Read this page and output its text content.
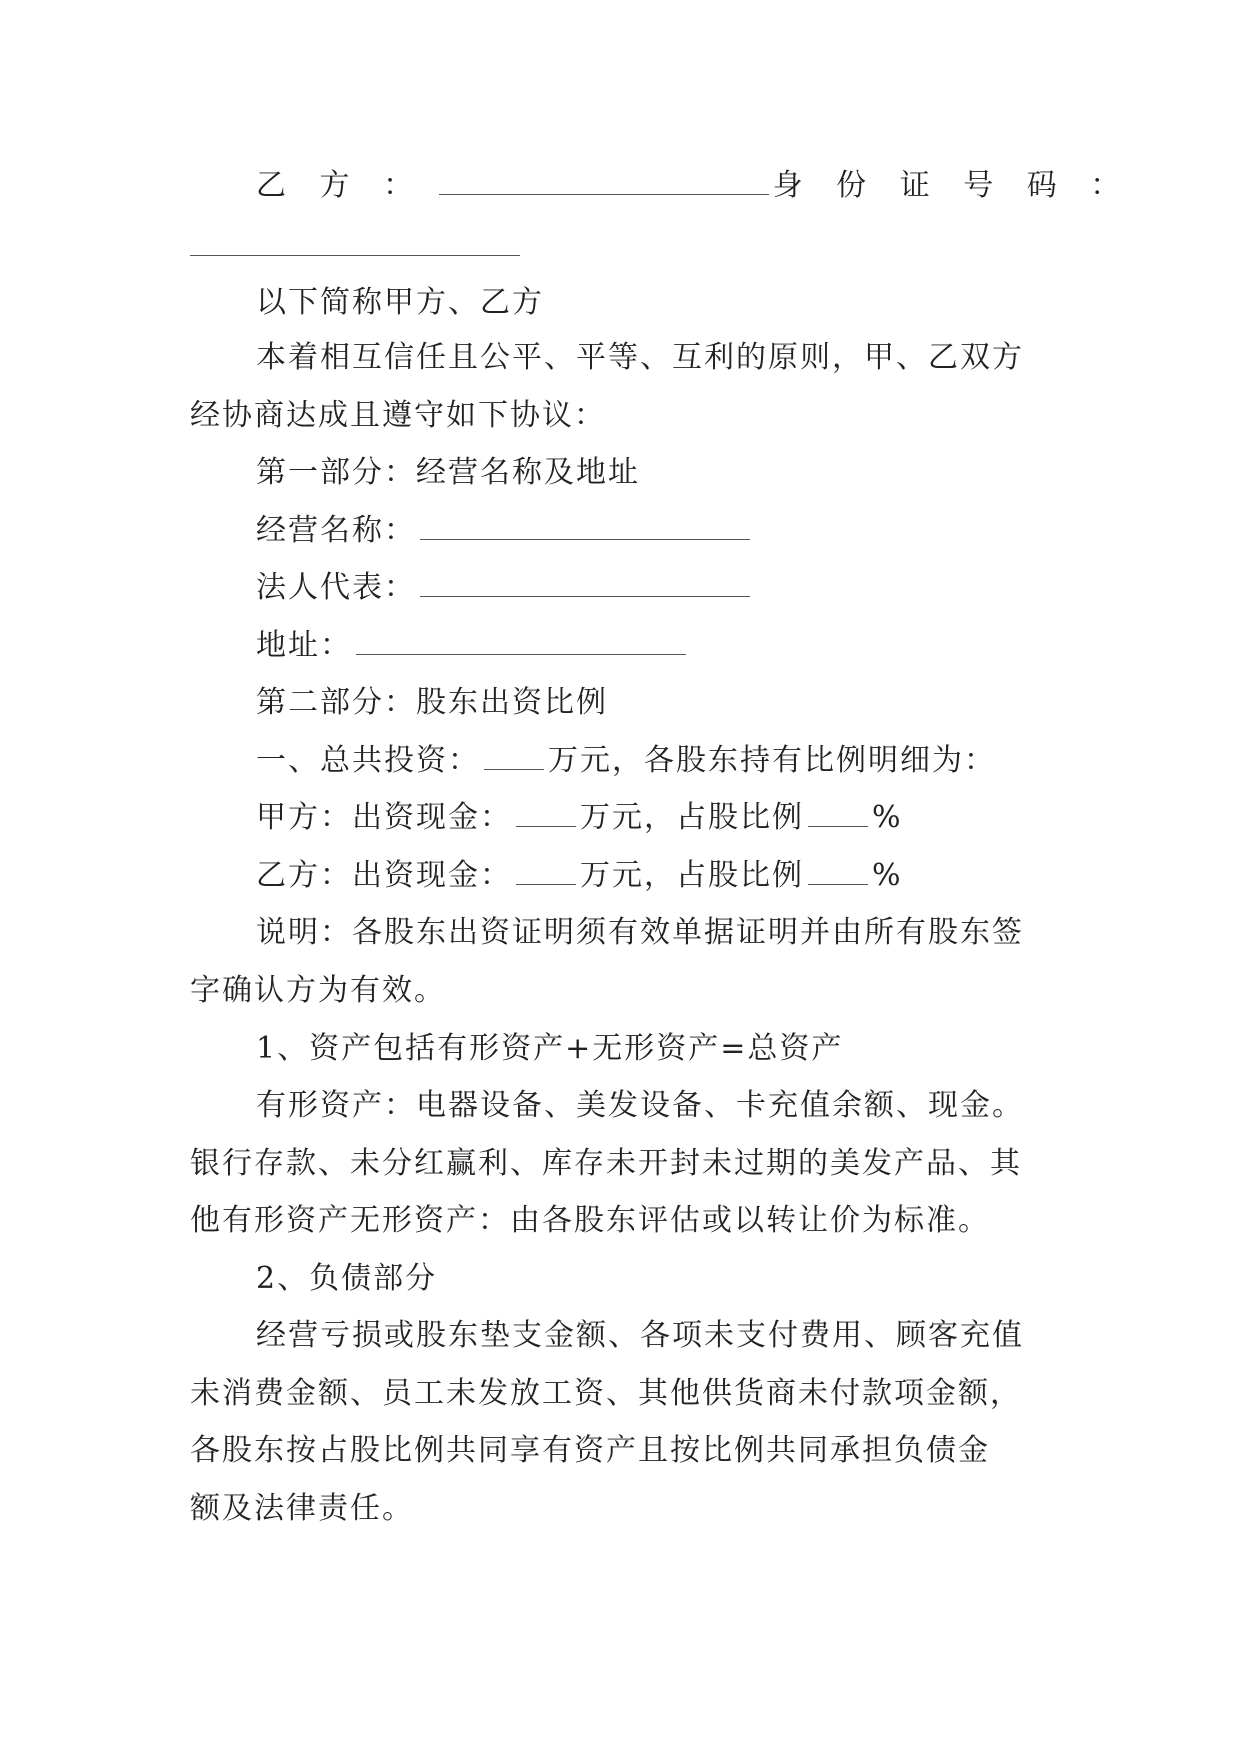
乙 方 ：	身 份 证 号 码 ：
以下简称甲方、乙方
本着相互信任且公平、平等、互利的原则，甲、乙双方
经协商达成且遵守如下协议：
第一部分：经营名称及地址
经营名称：
法人代表：
地址：
第二部分：股东出资比例
一、总共投资： 万元，各股东持有比例明细为：
甲方：出资现金： 万元，占股比例 %
乙方：出资现金： 万元，占股比例 %
说明：各股东出资证明须有效单据证明并由所有股东签
字确认方为有效。
1、资产包括有形资产+无形资产=总资产
有形资产：电器设备、美发设备、卡充值余额、现金。
银行存款、未分红赢利、库存未开封未过期的美发产品、其
他有形资产无形资产：由各股东评估或以转让价为标准。
2、负债部分
经营亏损或股东垫支金额、各项未支付费用、顾客充值
未消费金额、员工未发放工资、其他供货商未付款项金额，
各股东按占股比例共同享有资产且按比例共同承担负债金
额及法律责任。
